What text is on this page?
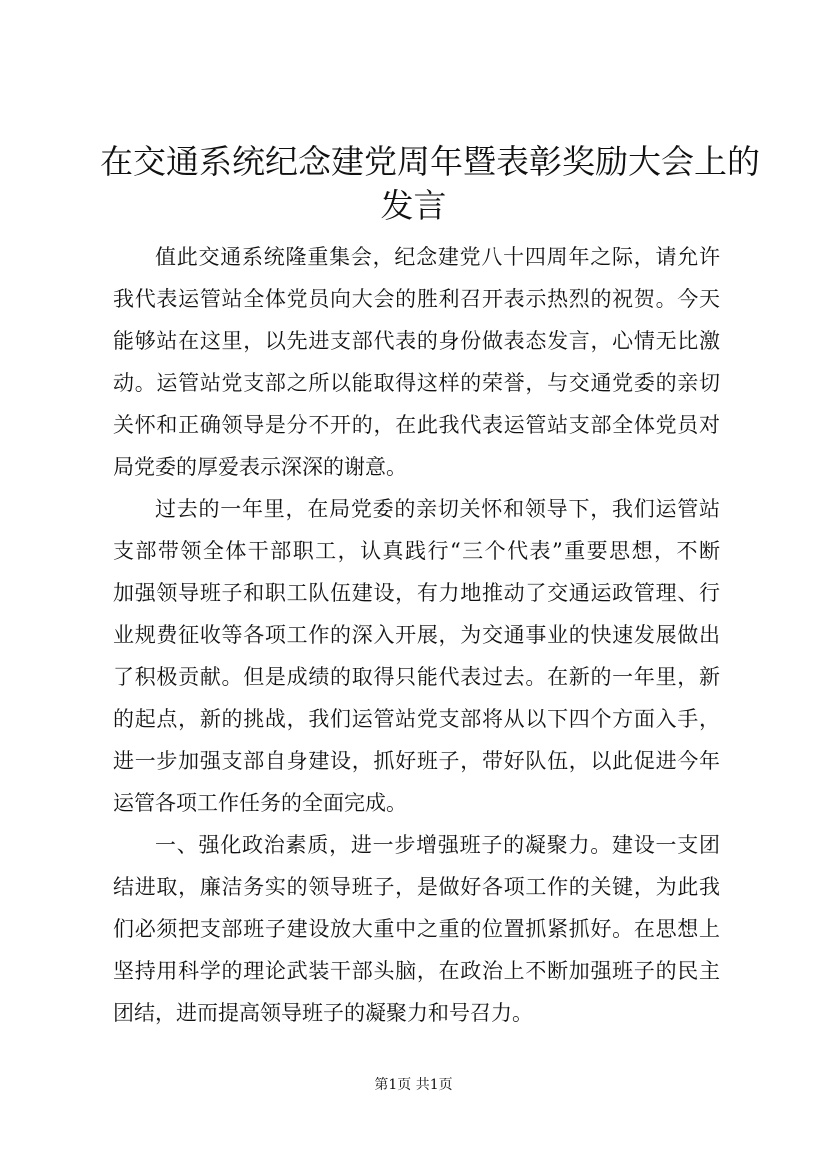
在交通系统纪念建党周年暨表彰奖励大会上的
发言

值此交通系统隆重集会，纪念建党八十四周年之际，请允许
我代表运管站全体党员向大会的胜利召开表示热烈的祝贺。今天
能够站在这里，以先进支部代表的身份做表态发言，心情无比激
动。运管站党支部之所以能取得这样的荣誉，与交通党委的亲切
关怀和正确领导是分不开的，在此我代表运管站支部全体党员对
局党委的厚爱表示深深的谢意。

过去的一年里，在局党委的亲切关怀和领导下，我们运管站
支部带领全体干部职工，认真践行“三个代表”重要思想，不断
加强领导班子和职工队伍建设，有力地推动了交通运政管理、行
业规费征收等各项工作的深入开展，为交通事业的快速发展做出
了积极贡献。但是成绩的取得只能代表过去。在新的一年里，新
的起点，新的挑战，我们运管站党支部将从以下四个方面入手，
进一步加强支部自身建设，抓好班子，带好队伍，以此促进今年
运管各项工作任务的全面完成。

一、强化政治素质，进一步增强班子的凝聚力。建设一支团
结进取，廉洁务实的领导班子，是做好各项工作的关键，为此我
们必须把支部班子建设放大重中之重的位置抓紧抓好。在思想上
坚持用科学的理论武装干部头脑，在政治上不断加强班子的民主
团结，进而提高领导班子的凝聚力和号召力。

第1页 共1页
